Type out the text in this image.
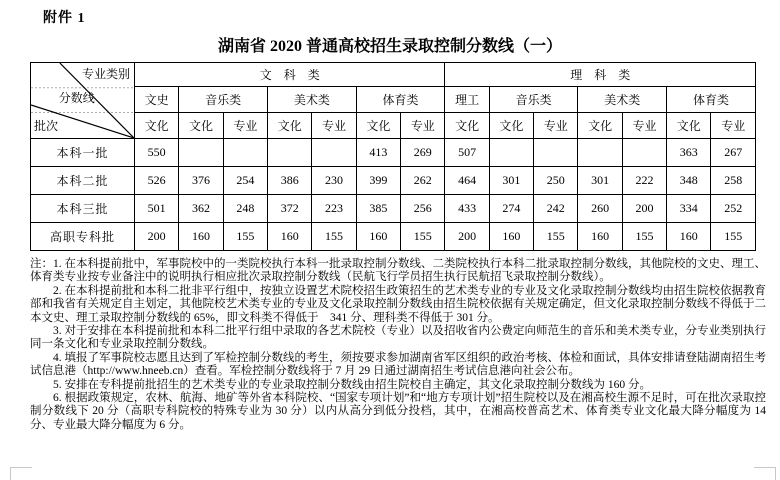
附件 1
湖南省 2020 普通高校招生录取控制分数线（一）
专业类别
分数线
批次	文　科　类							理　科　类						
	文史	音乐类		美术类		体育类		理工	音乐类		美术类		体育类	
	文化	文化	专业	文化	专业	文化	专业	文化	文化	专业	文化	专业	文化	专业
本科一批	550					413	269	507					363	267
本科二批	526	376	254	386	230	399	262	464	301	250	301	222	348	258
本科三批	501	362	248	372	223	385	256	433	274	242	260	200	334	252
高职专科批	200	160	155	160	155	160	155	200	160	155	160	155	160	155

注：1. 在本科提前批中，军事院校中的一类院校执行本科一批录取控制分数线、二类院校执行本科二批录取控制分数线，其他院校的文史、理工、体育类专业按专业备注中的说明执行相应批次录取控制分数线（民航飞行学员招生执行民航招飞录取控制分数线）。

2. 在本科提前批和本科二批非平行组中，按独立设置艺术院校招生政策招生的艺术类专业的专业及文化录取控制分数线均由招生院校依据教育部和我省有关规定自主划定，其他院校艺术类专业的专业及文化录取控制分数线由招生院校依据有关规定确定，但文化录取控制分数线不得低于二本文史、理工录取控制分数线的 65%，即文科类不得低于　341 分、理科类不得低于 301 分。

3. 对于安排在本科提前批和本科二批平行组中录取的各艺术院校（专业）以及招收省内公费定向师范生的音乐和美术类专业，分专业类别执行同一条文化和专业录取控制分数线。

4. 填报了军事院校志愿且达到了军检控制分数线的考生，须按要求参加湖南省军区组织的政治考核、体检和面试，具体安排请登陆湖南招生考试信息港（http://www.hneeb.cn）查看。军检控制分数线将于 7 月 29 日通过湖南招生考试信息港向社会公布。

5. 安排在专科提前批招生的艺术类专业的专业录取控制分数线由招生院校自主确定，其文化录取控制分数线为 160 分。

6. 根据政策规定，农林、航海、地矿等外省本科院校、“国家专项计划”和“地方专项计划”招生院校以及在湘高校生源不足时，可在批次录取控制分数线下 20 分（高职专科院校的特殊专业为 30 分）以内从高分到低分投档，其中，在湘高校普高艺术、体育类专业文化最大降分幅度为 14 分、专业最大降分幅度为 6 分。
